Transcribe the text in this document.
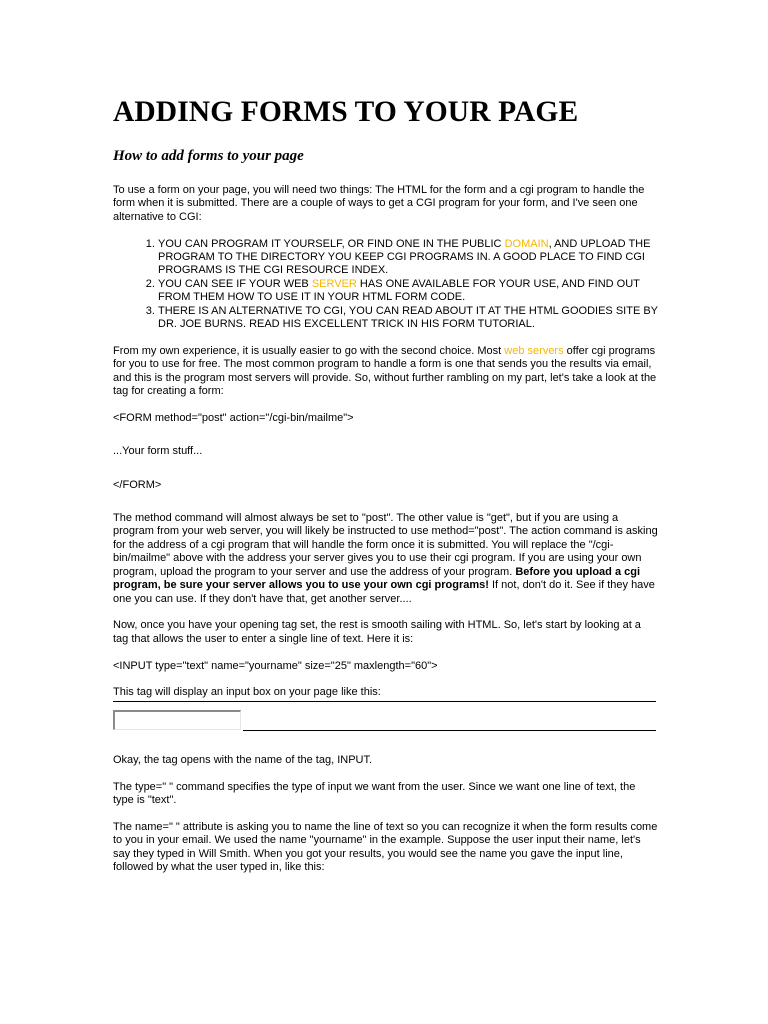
ADDING FORMS TO YOUR PAGE
How to add forms to your page

To use a form on your page, you will need two things: The HTML for the form and a cgi program to handle the form when it is submitted. There are a couple of ways to get a CGI program for your form, and I've seen one alternative to CGI:

1. YOU CAN PROGRAM IT YOURSELF, OR FIND ONE IN THE PUBLIC DOMAIN, AND UPLOAD THE PROGRAM TO THE DIRECTORY YOU KEEP CGI PROGRAMS IN. A GOOD PLACE TO FIND CGI PROGRAMS IS THE CGI RESOURCE INDEX.
2. YOU CAN SEE IF YOUR WEB SERVER HAS ONE AVAILABLE FOR YOUR USE, AND FIND OUT FROM THEM HOW TO USE IT IN YOUR HTML FORM CODE.
3. THERE IS AN ALTERNATIVE TO CGI, YOU CAN READ ABOUT IT AT THE HTML GOODIES SITE BY DR. JOE BURNS. READ HIS EXCELLENT TRICK IN HIS FORM TUTORIAL.

From my own experience, it is usually easier to go with the second choice. Most web servers offer cgi programs for you to use for free. The most common program to handle a form is one that sends you the results via email, and this is the program most servers will provide. So, without further rambling on my part, let's take a look at the tag for creating a form:

<FORM method="post" action="/cgi-bin/mailme">

...Your form stuff...

</FORM>

The method command will almost always be set to "post". The other value is "get", but if you are using a program from your web server, you will likely be instructed to use method="post". The action command is asking for the address of a cgi program that will handle the form once it is submitted. You will replace the "/cgi-bin/mailme" above with the address your server gives you to use their cgi program. If you are using your own program, upload the program to your server and use the address of your program. Before you upload a cgi program, be sure your server allows you to use your own cgi programs! If not, don't do it. See if they have one you can use. If they don't have that, get another server....

Now, once you have your opening tag set, the rest is smooth sailing with HTML. So, let's start by looking at a tag that allows the user to enter a single line of text. Here it is:

<INPUT type="text" name="yourname" size="25" maxlength="60">

This tag will display an input box on your page like this:

Okay, the tag opens with the name of the tag, INPUT.

The type=" " command specifies the type of input we want from the user. Since we want one line of text, the type is "text".

The name=" " attribute is asking you to name the line of text so you can recognize it when the form results come to you in your email. We used the name "yourname" in the example. Suppose the user input their name, let's say they typed in Will Smith. When you got your results, you would see the name you gave the input line, followed by what the user typed in, like this:
